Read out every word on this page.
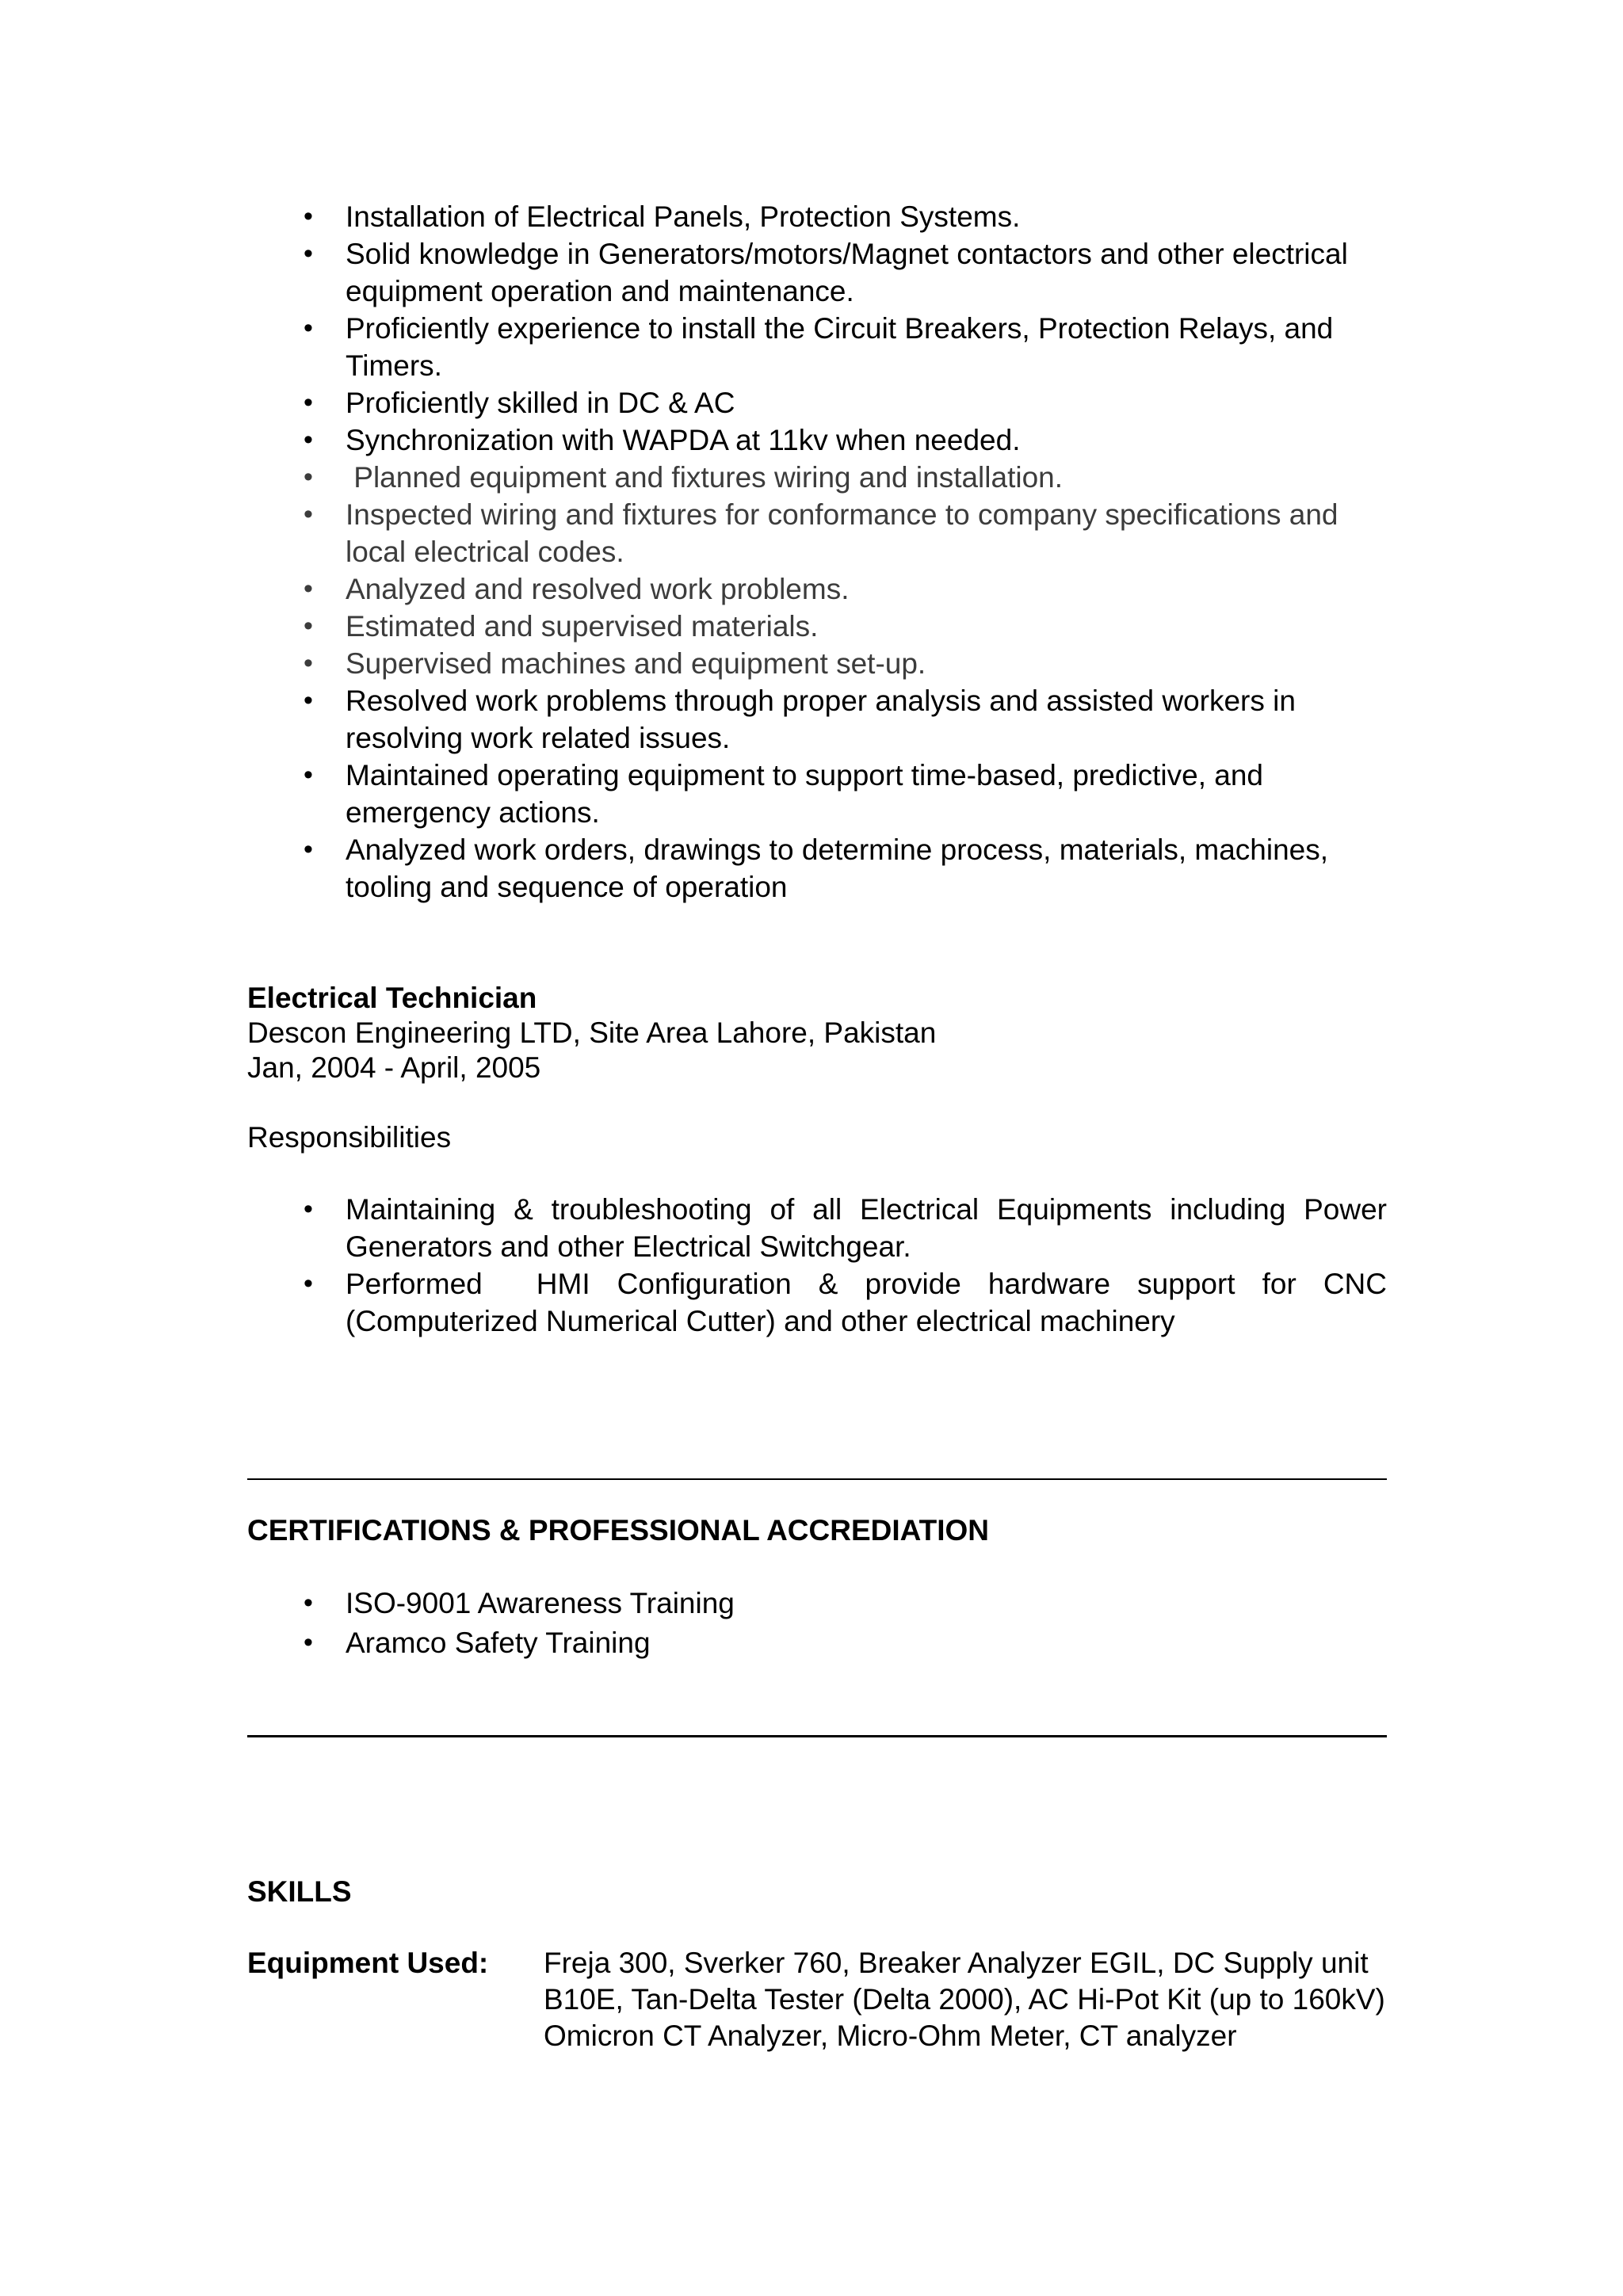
• Installation of Electrical Panels, Protection Systems.
• Solid knowledge in Generators/motors/Magnet contactors and other electrical equipment operation and maintenance.
• Proficiently experience to install the Circuit Breakers, Protection Relays, and Timers.
• Proficiently skilled in DC & AC
• Synchronization with WAPDA at 11kv when needed.
• Planned equipment and fixtures wiring and installation.
• Inspected wiring and fixtures for conformance to company specifications and local electrical codes.
• Analyzed and resolved work problems.
• Estimated and supervised materials.
• Supervised machines and equipment set-up.
• Resolved work problems through proper analysis and assisted workers in resolving work related issues.
• Maintained operating equipment to support time-based, predictive, and emergency actions.
• Analyzed work orders, drawings to determine process, materials, machines, tooling and sequence of operation
Electrical Technician
Descon Engineering LTD, Site Area Lahore, Pakistan
Jan, 2004 - April, 2005
Responsibilities
• Maintaining & troubleshooting of all Electrical Equipments including Power Generators and other Electrical Switchgear.
• Performed  HMI Configuration & provide hardware support for CNC (Computerized Numerical Cutter) and other electrical machinery
CERTIFICATIONS & PROFESSIONAL ACCREDIATION
• ISO-9001 Awareness Training
• Aramco Safety Training
SKILLS
Equipment Used: Freja 300, Sverker 760, Breaker Analyzer EGIL, DC Supply unit B10E, Tan-Delta Tester (Delta 2000), AC Hi-Pot Kit (up to 160kV) Omicron CT Analyzer, Micro-Ohm Meter, CT analyzer
